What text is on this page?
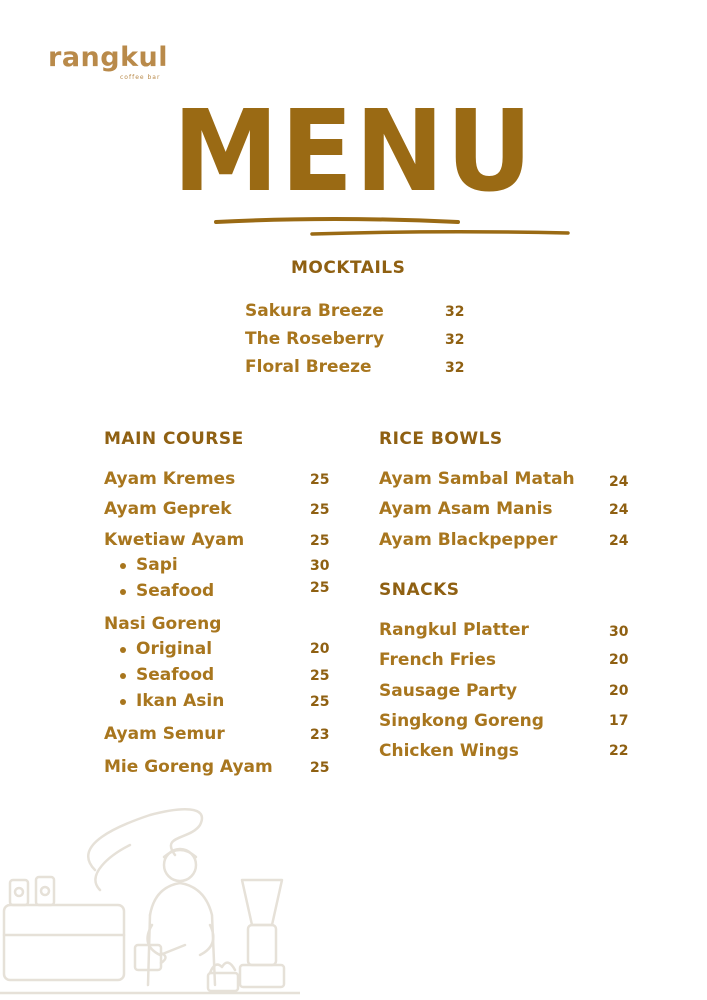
rangkul
coffee bar
MENU
MOCKTAILS
Sakura Breeze	32
The Roseberry	32
Floral Breeze	32
MAIN COURSE
Ayam Kremes	25
Ayam Geprek	25
Kwetiaw Ayam	25
Sapi	30
Seafood	25
Nasi Goreng
Original	20
Seafood	25
Ikan Asin	25
Ayam Semur	23
Mie Goreng Ayam	25
RICE BOWLS
Ayam Sambal Matah 24
Ayam Asam Manis	24
Ayam Blackpepper	24
SNACKS
Rangkul Platter	30
French Fries	20
Sausage Party	20
Singkong Goreng	17
Chicken Wings	22
